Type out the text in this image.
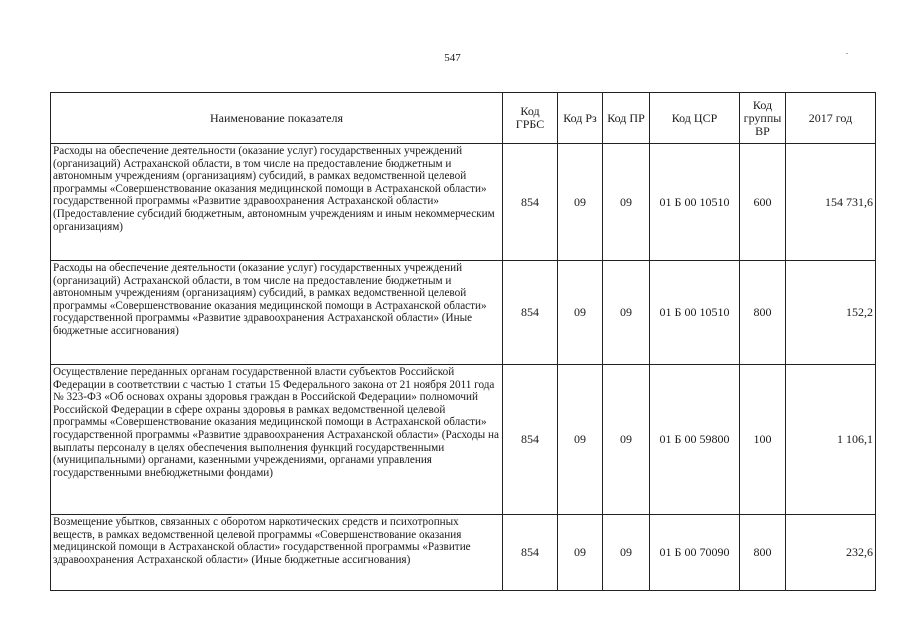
547
Наименование показателя	Код ГРБС	Код Рз	Код ПР	Код ЦСР	Код группы ВР	2017 год
Расходы на обеспечение деятельности (оказание услуг) государственных учреждений (организаций) Астраханской области, в том числе на предоставление бюджетным и автономным учреждениям (организациям) субсидий, в рамках ведомственной целевой программы «Совершенствование оказания медицинской помощи в Астраханской области» государственной программы «Развитие здравоохранения Астраханской области» (Предоставление субсидий бюджетным, автономным учреждениям и иным некоммерческим организациям)	854	09	09	01 Б 00 10510	600	154 731,6
Расходы на обеспечение деятельности (оказание услуг) государственных учреждений (организаций) Астраханской области, в том числе на предоставление бюджетным и автономным учреждениям (организациям) субсидий, в рамках ведомственной целевой программы «Совершенствование оказания медицинской помощи в Астраханской области» государственной программы «Развитие здравоохранения Астраханской области» (Иные бюджетные ассигнования)	854	09	09	01 Б 00 10510	800	152,2
Осуществление переданных органам государственной власти субъектов Российской Федерации в соответствии с частью 1 статьи 15 Федерального закона от 21 ноября 2011 года № 323-ФЗ «Об основах охраны здоровья граждан в Российской Федерации» полномочий Российской Федерации в сфере охраны здоровья в рамках ведомственной целевой программы «Совершенствование оказания медицинской помощи в Астраханской области» государственной программы «Развитие здравоохранения Астраханской области» (Расходы на выплаты персоналу в целях обеспечения выполнения функций государственными (муниципальными) органами, казенными учреждениями, органами управления государственными внебюджетными фондами)	854	09	09	01 Б 00 59800	100	1 106,1
Возмещение убытков, связанных с оборотом наркотических средств и психотропных веществ, в рамках ведомственной целевой программы «Совершенствование оказания медицинской помощи в Астраханской области» государственной программы «Развитие здравоохранения Астраханской области» (Иные бюджетные ассигнования)	854	09	09	01 Б 00 70090	800	232,6
